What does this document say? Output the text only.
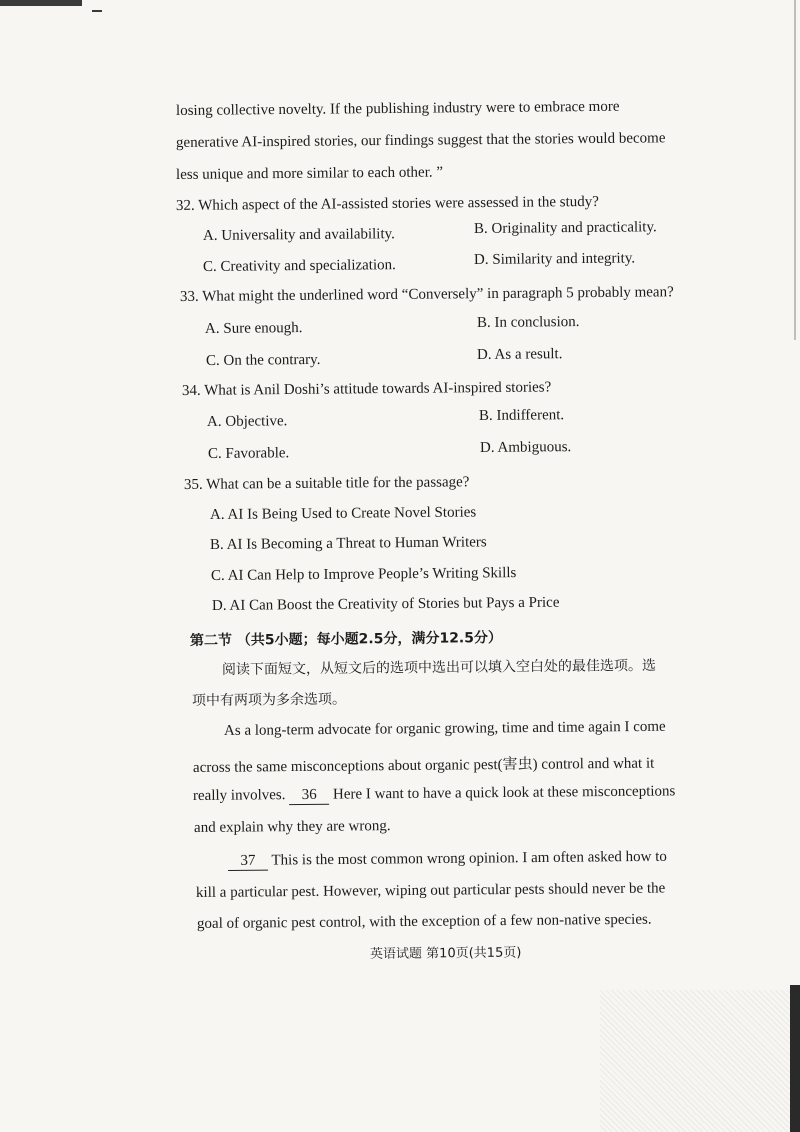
losing collective novelty. If the publishing industry were to embrace more
generative AI-inspired stories, our findings suggest that the stories would become
less unique and more similar to each other. ”
32. Which aspect of the AI-assisted stories were assessed in the study?
A. Universality and availability.	B. Originality and practicality.
C. Creativity and specialization.	D. Similarity and integrity.
33. What might the underlined word “Conversely” in paragraph 5 probably mean?
A. Sure enough.	B. In conclusion.
C. On the contrary.	D. As a result.
34. What is Anil Doshi’s attitude towards AI-inspired stories?
A. Objective.	B. Indifferent.
C. Favorable.	D. Ambiguous.
35. What can be a suitable title for the passage?
A. AI Is Being Used to Create Novel Stories
B. AI Is Becoming a Threat to Human Writers
C. AI Can Help to Improve People’s Writing Skills
D. AI Can Boost the Creativity of Stories but Pays a Price
第二节 （共5小题；每小题2.5分，满分12.5分）
阅读下面短文，从短文后的选项中选出可以填入空白处的最佳选项。选
项中有两项为多余选项。
As a long-term advocate for organic growing, time and time again I come
across the same misconceptions about organic pest(害虫) control and what it
really involves. 36 Here I want to have a quick look at these misconceptions
and explain why they are wrong.
37 This is the most common wrong opinion. I am often asked how to
kill a particular pest. However, wiping out particular pests should never be the
goal of organic pest control, with the exception of a few non-native species.
英语试题 第10页(共15页)
